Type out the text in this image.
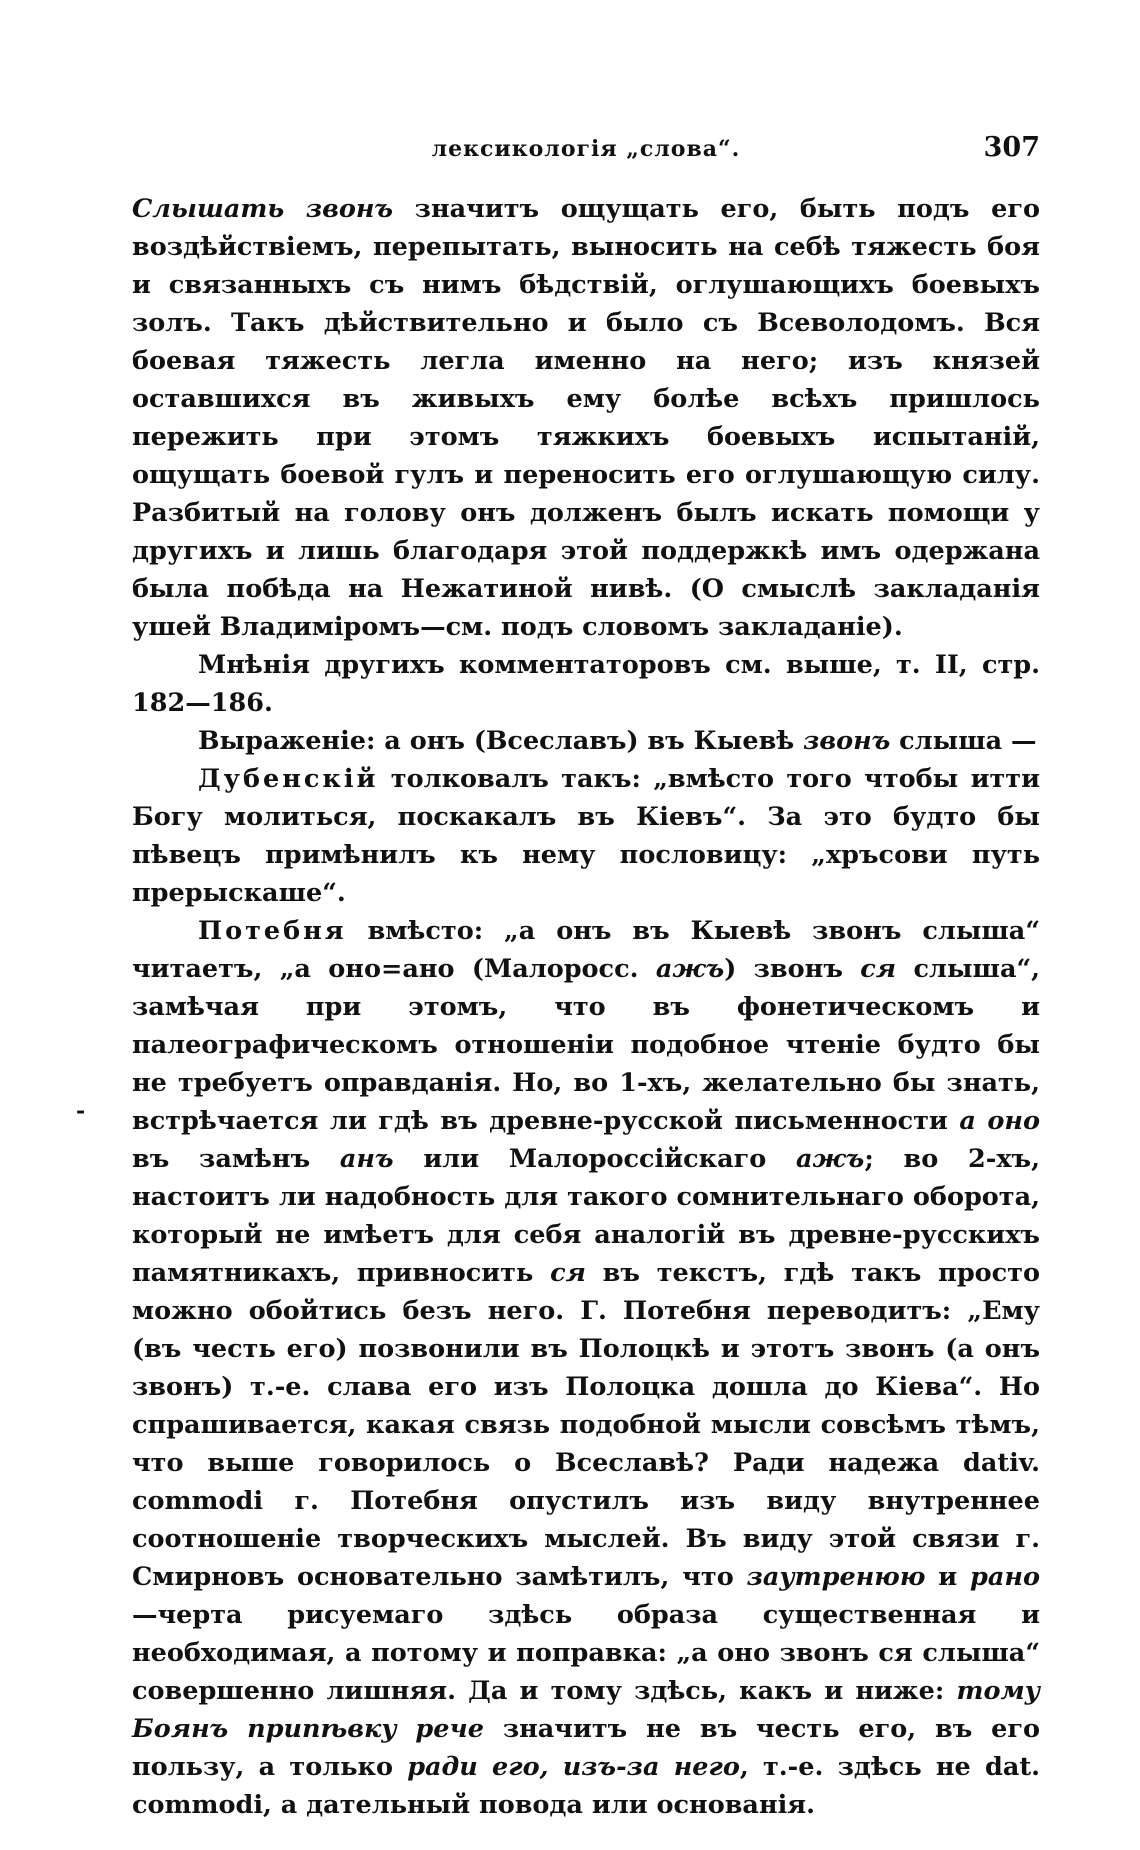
лексикологія „слова“.	307
-

Слышать звонъ значитъ ощущать его, быть подъ его воздѣйствіемъ, перепытать, выносить на себѣ тяжесть боя и связанныхъ съ нимъ бѣдствій, оглушающихъ боевыхъ золъ. Такъ дѣйствительно и было съ Всеволодомъ. Вся боевая тяжесть легла именно на него; изъ князей оставшихся въ живыхъ ему болѣе всѣхъ пришлось пережить при этомъ тяжкихъ боевыхъ испытаній, ощущать боевой гулъ и переносить его оглушающую силу. Разбитый на голову онъ долженъ былъ искать помощи у другихъ и лишь благодаря этой поддержкѣ имъ одержана была побѣда на Нежатиной нивѣ. (О смыслѣ закладанія ушей Владиміромъ—см. подъ словомъ закладаніе).

Мнѣнія другихъ комментаторовъ см. выше, т. II, стр. 182—186.

Выраженіе: а онъ (Всеславъ) въ Кыевѣ звонъ слыша —

Дубенскій толковалъ такъ: „вмѣсто того чтобы итти Богу молиться, поскакалъ въ Кіевъ“. За это будто бы пѣвецъ примѣнилъ къ нему пословицу: „хръсови путь прерыскаше“.

Потебня вмѣсто: „а онъ въ Кыевѣ звонъ слыша“ читаетъ, „а оно=ано (Малоросс. ажъ) звонъ ся слыша“, замѣчая при этомъ, что въ фонетическомъ и палеографическомъ отношеніи подобное чтеніе будто бы не требуетъ оправданія. Но, во 1-хъ, желательно бы знать, встрѣчается ли гдѣ въ древне-русской письменности а оно въ замѣнъ анъ или Малороссійскаго ажъ; во 2-хъ, настоитъ ли надобность для такого сомнительнаго оборота, который не имѣетъ для себя аналогій въ древне-русскихъ памятникахъ, привносить ся въ текстъ, гдѣ такъ просто можно обойтись безъ него. Г. Потебня переводитъ: „Ему (въ честь его) позвонили въ Полоцкѣ и этотъ звонъ (а онъ звонъ) т.-е. слава его изъ Полоцка дошла до Кіева“. Но спрашивается, какая связь подобной мысли совсѣмъ тѣмъ, что выше говорилось о Всеславѣ? Ради надежа dativ. commodi г. Потебня опустилъ изъ виду внутреннее соотношеніе творческихъ мыслей. Въ виду этой связи г. Смирновъ основательно замѣтилъ, что заутренюю и рано—черта рисуемаго здѣсь образа существенная и необходимая, а потому и поправка: „а оно звонъ ся слыша“ совершенно лишняя. Да и тому здѣсь, какъ и ниже: тому Боянъ припѣвку рече значитъ не въ честь его, въ его пользу, а только ради его, изъ-за него, т.-е. здѣсь не dat. commodi, а дательный повода или основанія.
